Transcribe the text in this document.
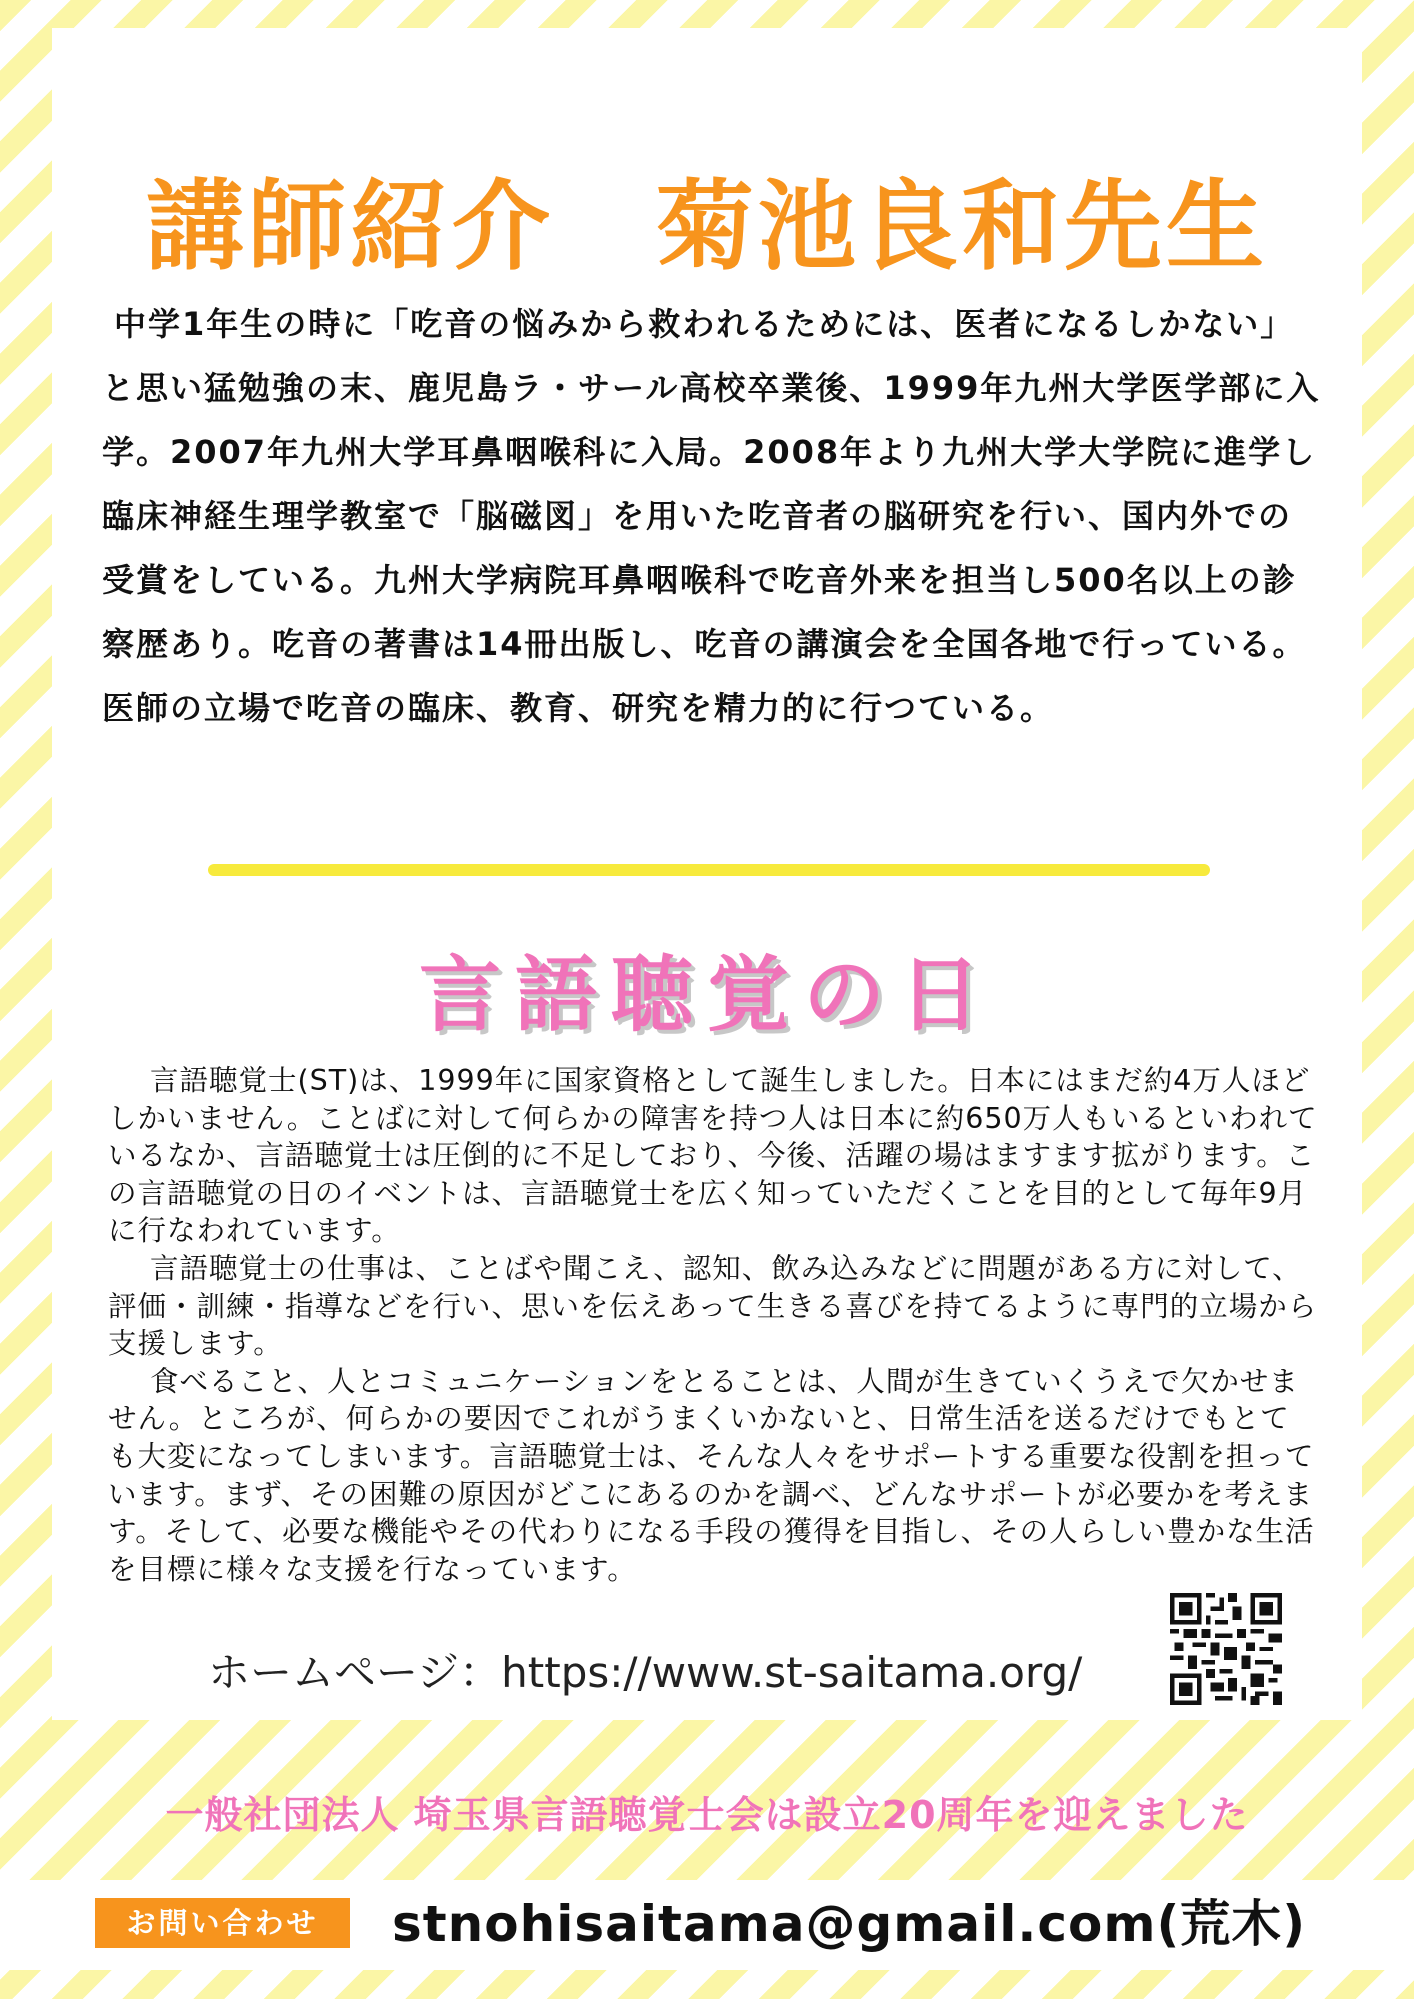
講師紹介　菊池良和先生
中学1年生の時に「吃音の悩みから救われるためには、医者になるしかない」と思い猛勉強の末、鹿児島ラ・サール高校卒業後、1999年九州大学医学部に入学。2007年九州大学耳鼻咽喉科に入局。2008年より九州大学大学院に進学し臨床神経生理学教室で「脳磁図」を用いた吃音者の脳研究を行い、国内外での受賞をしている。九州大学病院耳鼻咽喉科で吃音外来を担当し500名以上の診察歴あり。吃音の著書は14冊出版し、吃音の講演会を全国各地で行っている。医師の立場で吃音の臨床、教育、研究を精力的に行つている。
言語聴覚の日

言語聴覚士(ST)は、1999年に国家資格として誕生しました。日本にはまだ約4万人ほどしかいません。ことばに対して何らかの障害を持つ人は日本に約650万人もいるといわれているなか、言語聴覚士は圧倒的に不足しており、今後、活躍の場はますます拡がります。この言語聴覚の日のイベントは、言語聴覚士を広く知っていただくことを目的として毎年9月に行なわれています。

言語聴覚士の仕事は、ことばや聞こえ、認知、飲み込みなどに問題がある方に対して、評価・訓練・指導などを行い、思いを伝えあって生きる喜びを持てるように専門的立場から支援します。

食べること、人とコミュニケーションをとることは、人間が生きていくうえで欠かせません。ところが、何らかの要因でこれがうまくいかないと、日常生活を送るだけでもとても大変になってしまいます。言語聴覚士は、そんな人々をサポートする重要な役割を担っています。まず、その困難の原因がどこにあるのかを調べ、どんなサポートが必要かを考えます。そして、必要な機能やその代わりになる手段の獲得を目指し、その人らしい豊かな生活を目標に様々な支援を行なっています。

ホームページ：https://www.st-saitama.org/
一般社団法人 埼玉県言語聴覚士会は設立20周年を迎えました
お問い合わせ	stnohisaitama@gmail.com(荒木)
